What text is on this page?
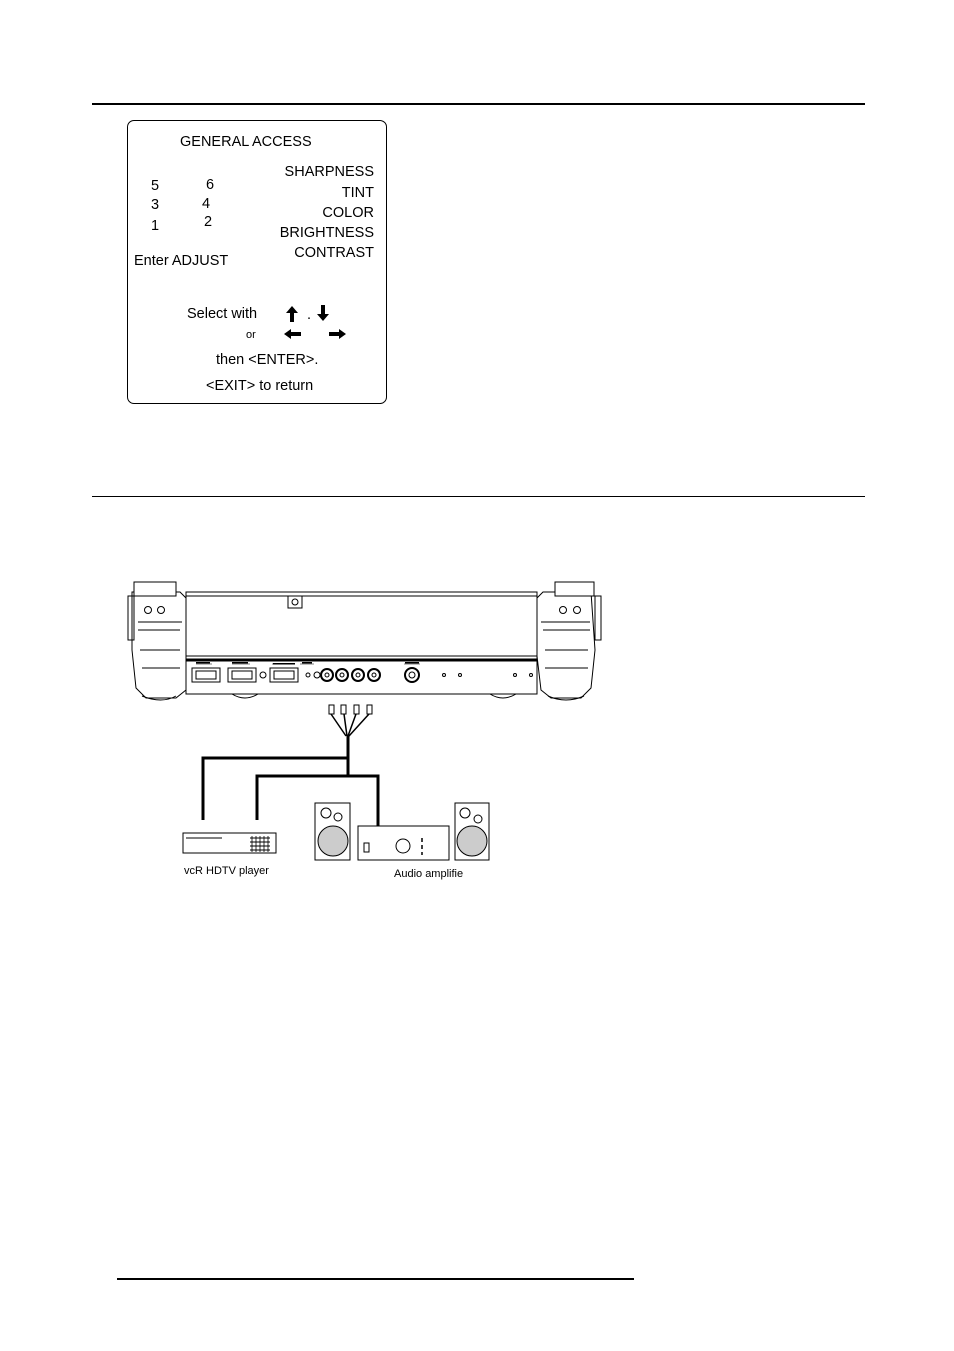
GENERAL ACCESS
5	6
3	4
1	2
SHARPNESS
TINT
COLOR
BRIGHTNESS
CONTRAST
Enter ADJUST
Select with	.
or
then <ENTER>.
<EXIT> to return
vcR HDTV player	Audio amplifie
